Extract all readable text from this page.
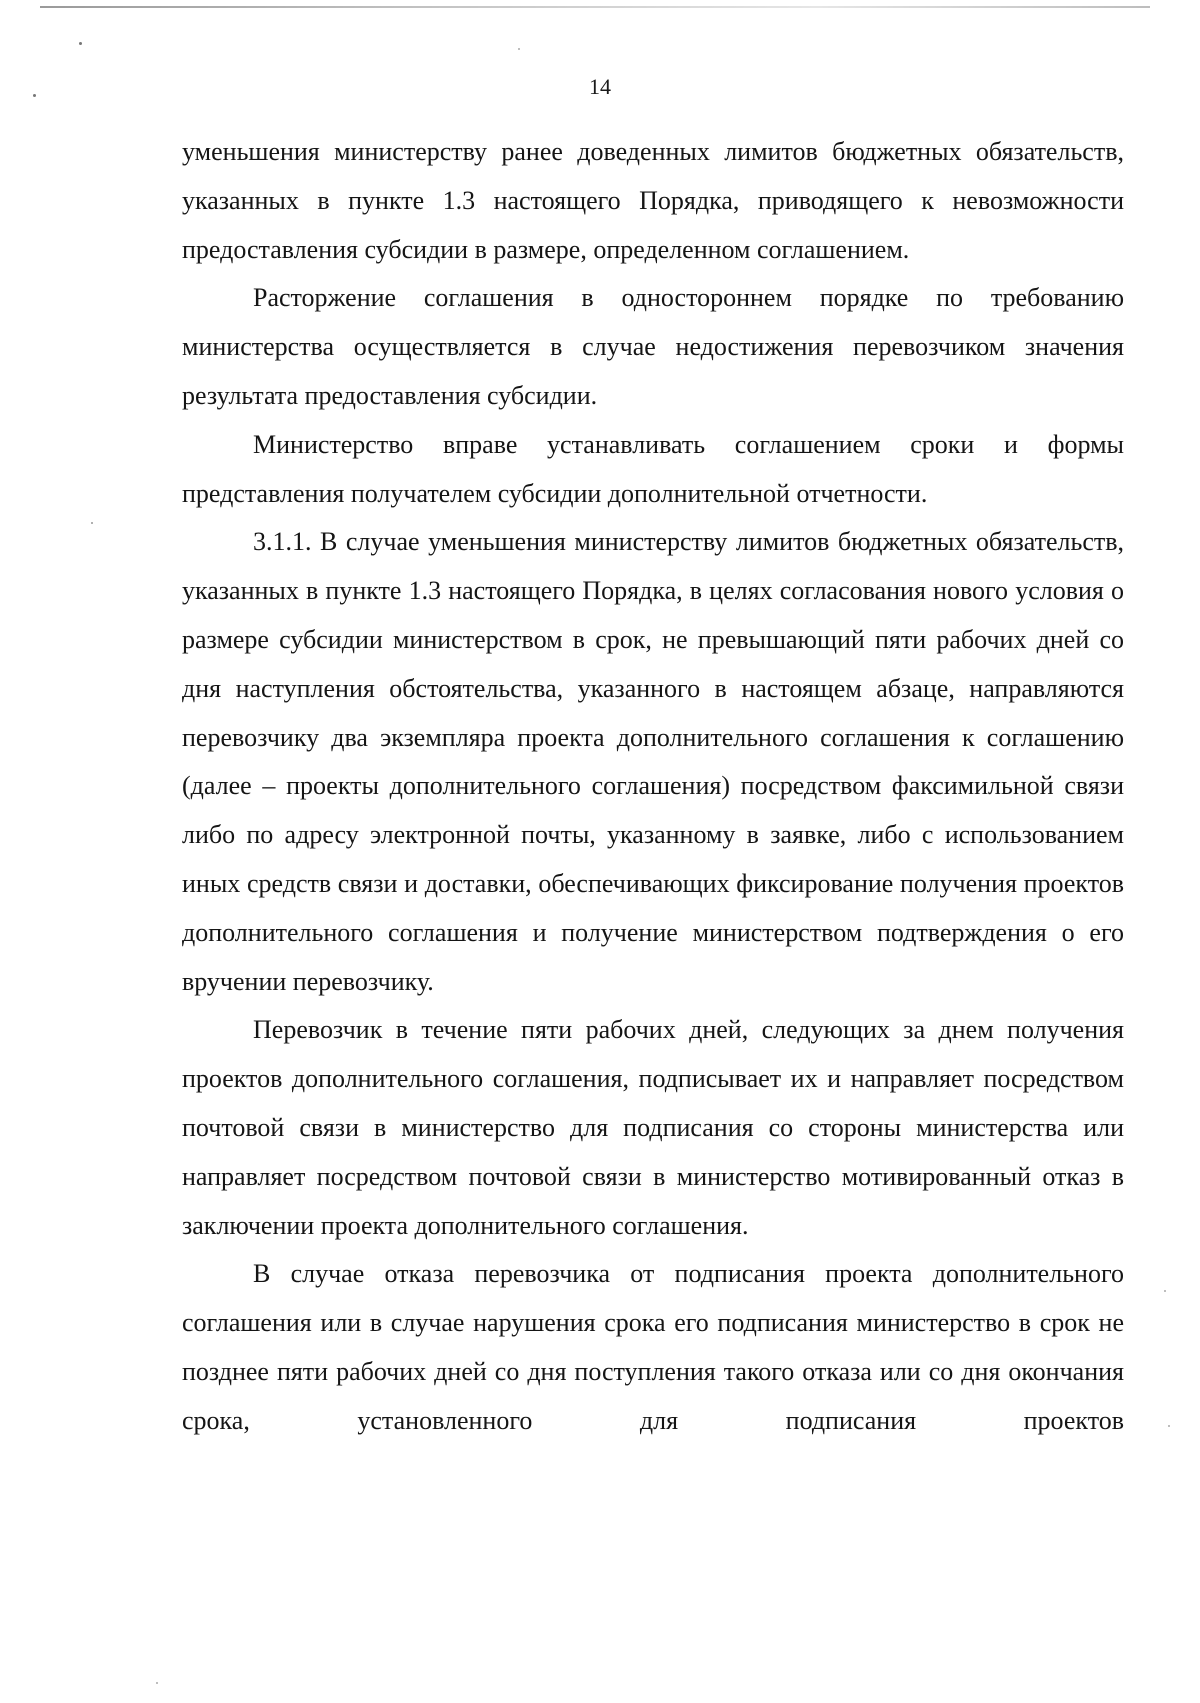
14

уменьшения министерству ранее доведенных лимитов бюджетных обязательств, указанных в пункте 1.3 настоящего Порядка, приводящего к невозможности предоставления субсидии в размере, определенном соглашением.

Расторжение соглашения в одностороннем порядке по требованию министерства осуществляется в случае недостижения перевозчиком значения результата предоставления субсидии.

Министерство вправе устанавливать соглашением сроки и формы представления получателем субсидии дополнительной отчетности.

3.1.1. В случае уменьшения министерству лимитов бюджетных обязательств, указанных в пункте 1.3 настоящего Порядка, в целях согласования нового условия о размере субсидии министерством в срок, не превышающий пяти рабочих дней со дня наступления обстоятельства, указанного в настоящем абзаце, направляются перевозчику два экземпляра проекта дополнительного соглашения к соглашению (далее – проекты дополнительного соглашения) посредством факсимильной связи либо по адресу электронной почты, указанному в заявке, либо с использованием иных средств связи и доставки, обеспечивающих фиксирование получения проектов дополнительного соглашения и получение министерством подтверждения о его вручении перевозчику.

Перевозчик в течение пяти рабочих дней, следующих за днем получения проектов дополнительного соглашения, подписывает их и направляет посредством почтовой связи в министерство для подписания со стороны министерства или направляет посредством почтовой связи в министерство мотивированный отказ в заключении проекта дополнительного соглашения.

В случае отказа перевозчика от подписания проекта дополнительного соглашения или в случае нарушения срока его подписания министерство в срок не позднее пяти рабочих дней со дня поступления такого отказа или со дня окончания срока, установленного для подписания проектов
